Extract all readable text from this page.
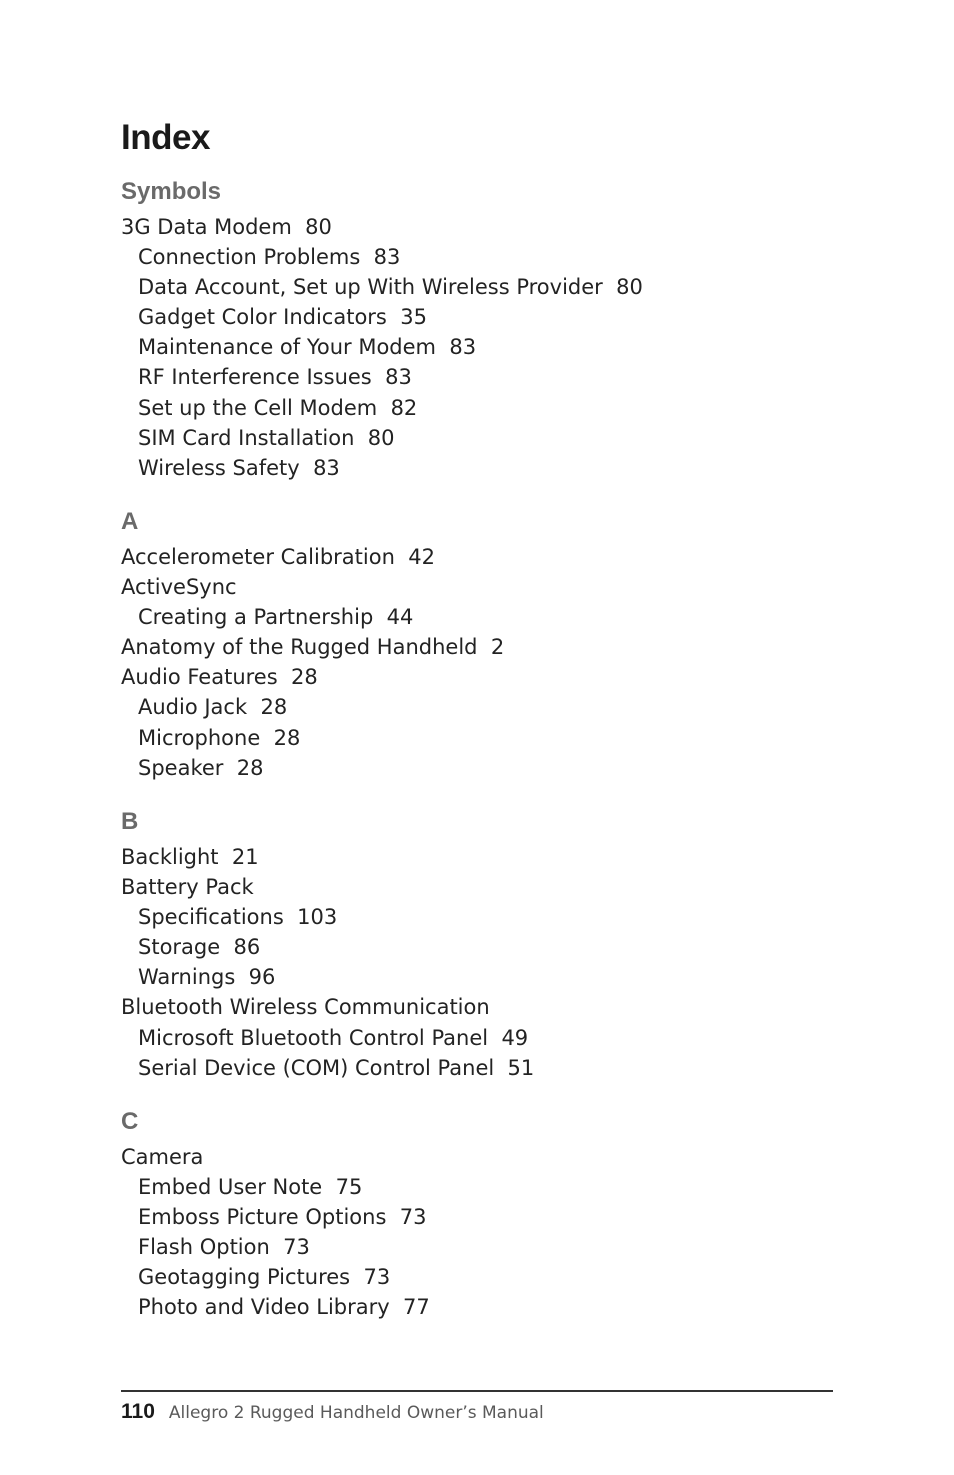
Index
Symbols
3G Data Modem  80
Connection Problems  83
Data Account, Set up With Wireless Provider  80
Gadget Color Indicators  35
Maintenance of Your Modem  83
RF Interference Issues  83
Set up the Cell Modem  82
SIM Card Installation  80
Wireless Safety  83
A
Accelerometer Calibration  42
ActiveSync
Creating a Partnership  44
Anatomy of the Rugged Handheld  2
Audio Features  28
Audio Jack  28
Microphone  28
Speaker  28
B
Backlight  21
Battery Pack
Specifications  103
Storage  86
Warnings  96
Bluetooth Wireless Communication
Microsoft Bluetooth Control Panel  49
Serial Device (COM) Control Panel  51
C
Camera
Embed User Note  75
Emboss Picture Options  73
Flash Option  73
Geotagging Pictures  73
Photo and Video Library  77
110 Allegro 2 Rugged Handheld Owner’s Manual
